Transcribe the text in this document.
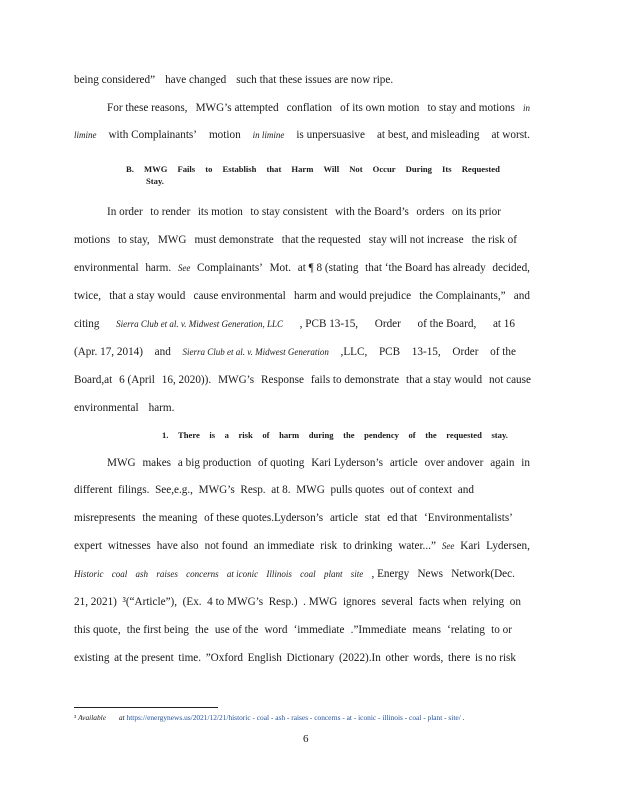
being considered” have changed such that these issues are now ripe.
For these reasons, MWG’s attempted conflation of its own motion to stay and motions in
limine with Complainants’ motion in limine is unpersuasive at best, and misleading at worst.
B. MWG Fails to Establish that Harm Will Not Occur During Its Requested
Stay.
In order to render its motion to stay consistent with the Board’s orders on its prior
motions to stay, MWG must demonstrate that the requested stay will not increase the risk of
environmental harm. See Complainants’ Mot. at ¶ 8 (stating that ‘the Board has already decided,
twice, that a stay would cause environmental harm and would prejudice the Complainants,” and
citing Sierra Club et al. v. Midwest Generation, LLC , PCB 13-15, Order of the Board, at 16
(Apr. 17, 2014) and Sierra Club et al. v. Midwest Generation ,LLC, PCB 13-15, Order of the
Board,at 6 (April 16, 2020)). MWG’s Response fails to demonstrate that a stay would not cause
environmental harm.
1. There is a risk of harm during the pendency of the requested stay.
MWG makes a big production of quoting Kari Lyderson’s article over andover again in
different filings. See,e.g., MWG’s Resp. at 8. MWG pulls quotes out of context and
misrepresents the meaning of these quotes.Lyderson’s article stat ed that ‘Environmentalists’
expert witnesses have also not found an immediate risk to drinking water...” See Kari Lydersen,
Historic coal ash raises concerns at iconic Illinois coal plant site , Energy News Network(Dec.
21, 2021) ³(“Article”), (Ex. 4 to MWG’s Resp.) . MWG ignores several facts when relying on
this quote, the first being the use of the word ‘immediate .”Immediate means ‘relating to or
existing at the present time. ”Oxford English Dictionary (2022).In other words, there is no risk
³ Available at https://energynews.us/2021/12/21/historic - coal - ash - raises - concerns - at - iconic - illinois - coal - plant - site/ .
6
